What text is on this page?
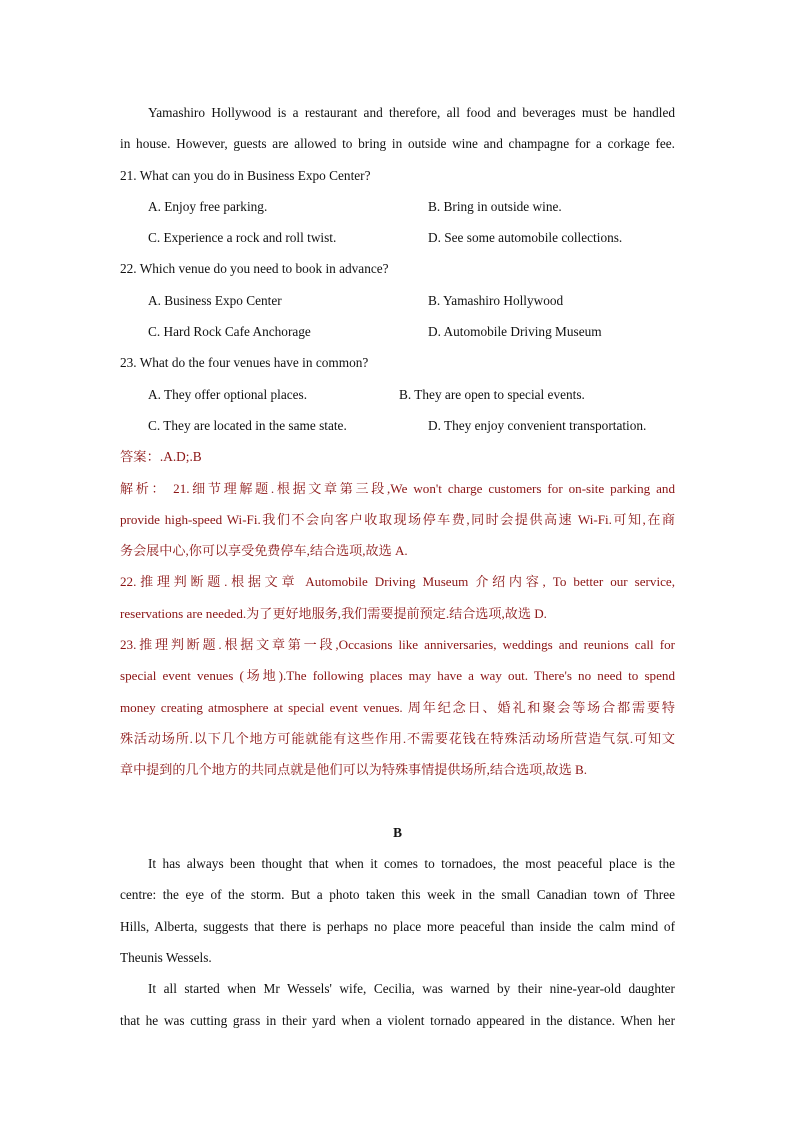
Yamashiro Hollywood is a restaurant and therefore, all food and beverages must be handled
in house. However, guests are allowed to bring in outside wine and champagne for a corkage fee.
21. What can you do in Business Expo Center?
A. Enjoy free parking.	B. Bring in outside wine.
C. Experience a rock and roll twist.	D. See some automobile collections.
22. Which venue do you need to book in advance?
A. Business Expo Center	B. Yamashiro Hollywood
C. Hard Rock Cafe Anchorage	D. Automobile Driving Museum
23. What do the four venues have in common?
A. They offer optional places.	B. They are open to special events.
C. They are located in the same state.	D. They enjoy convenient transportation.
答案：.A.D;.B
解析： 21.细节理解题.根据文章第三段,We won't charge customers for on-site parking and
provide high-speed Wi-Fi.我们不会向客户收取现场停车费,同时会提供高速 Wi-Fi.可知,在商
务会展中心,你可以享受免费停车,结合选项,故选 A.
22.推理判断题.根据文章 Automobile Driving Museum 介绍内容, To better our service,
reservations are needed.为了更好地服务,我们需要提前预定.结合选项,故选 D.
23.推理判断题.根据文章第一段,Occasions like anniversaries, weddings and reunions call for
special event venues (场地).The following places may have a way out. There's no need to spend
money creating atmosphere at special event venues. 周年纪念日、婚礼和聚会等场合都需要特
殊活动场所.以下几个地方可能就能有这些作用.不需要花钱在特殊活动场所营造气氛.可知文
章中提到的几个地方的共同点就是他们可以为特殊事情提供场所,结合选项,故选 B.
B
It has always been thought that when it comes to tornadoes, the most peaceful place is the
centre: the eye of the storm. But a photo taken this week in the small Canadian town of Three
Hills, Alberta, suggests that there is perhaps no place more peaceful than inside the calm mind of
Theunis Wessels.
It all started when Mr Wessels' wife, Cecilia, was warned by their nine-year-old daughter
that he was cutting grass in their yard when a violent tornado appeared in the distance. When her
